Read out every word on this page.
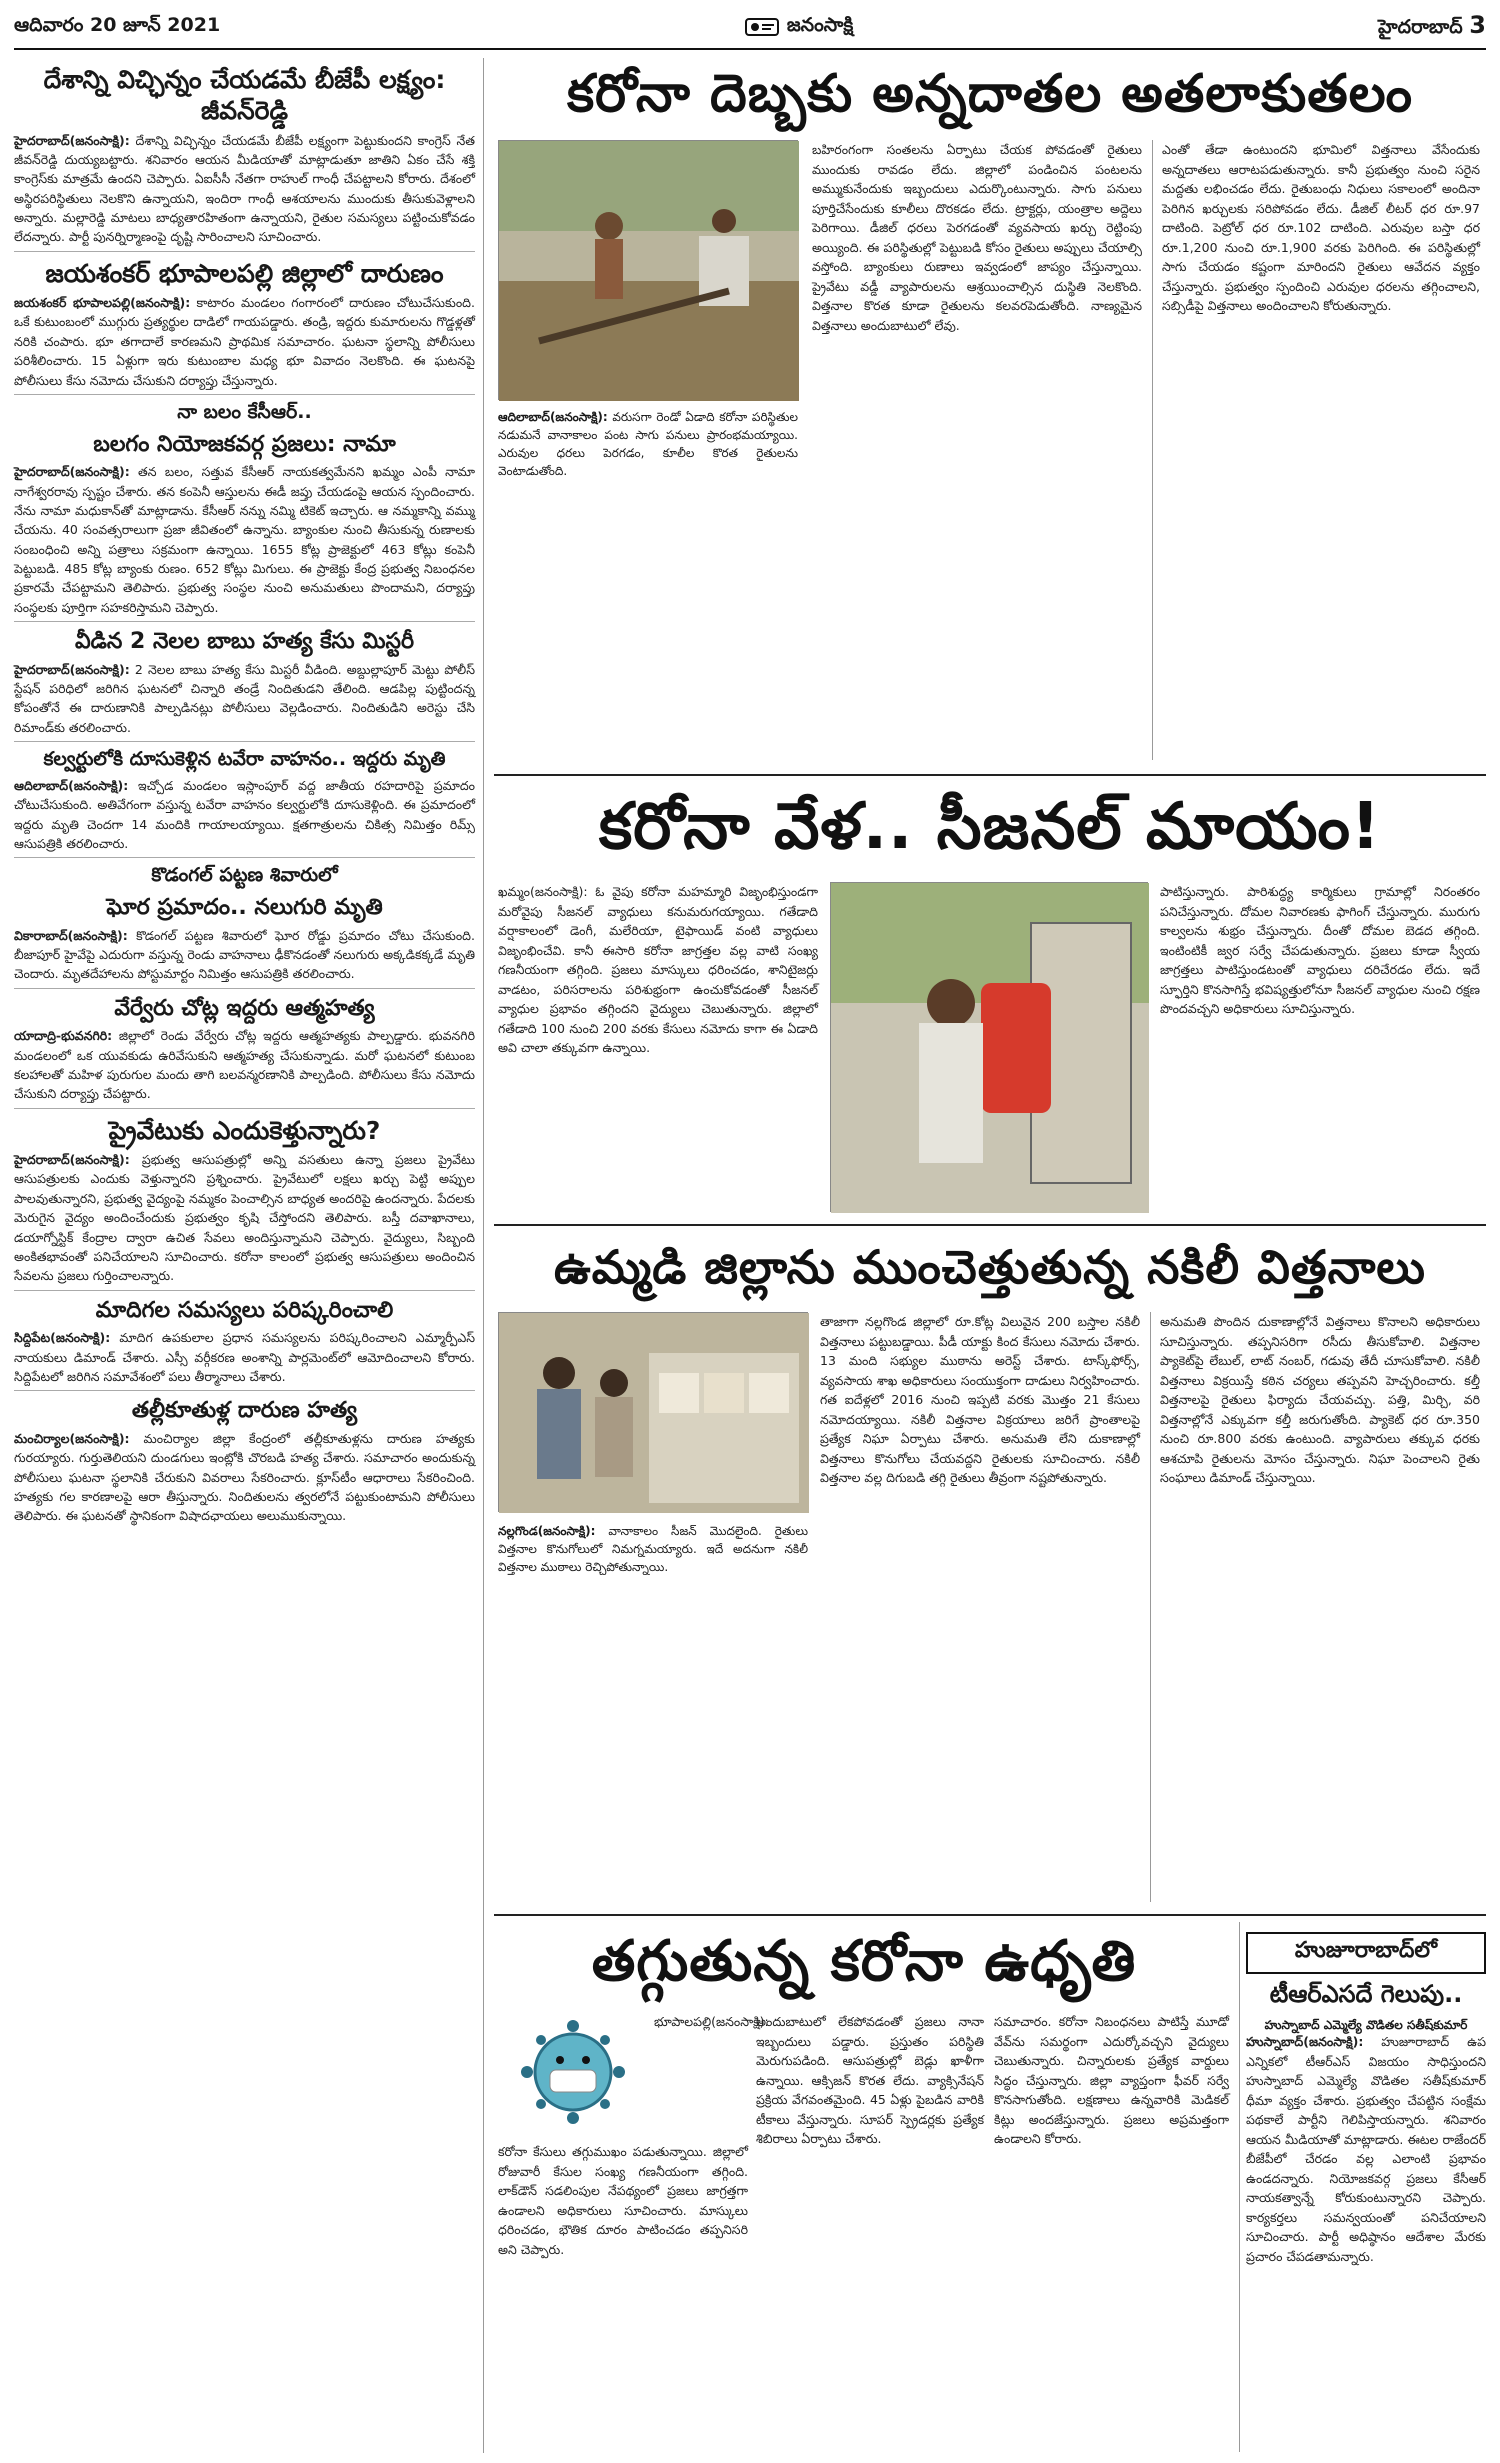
ఆదివారం 20 జూన్ 2021	జనంసాక్షి	హైదరాబాద్ 3
దేశాన్ని విచ్ఛిన్నం చేయడమే బీజేపీ లక్ష్యం: జీవన్‌రెడ్డి

హైదరాబాద్‌(జనంసాక్షి): దేశాన్ని విచ్ఛిన్నం చేయడమే బీజేపీ లక్ష్యంగా పెట్టుకుందని కాంగ్రెస్‌ నేత జీవన్‌రెడ్డి దుయ్యబట్టారు. శనివారం ఆయన మీడియాతో మాట్లాడుతూ జాతిని ఏకం చేసే శక్తి కాంగ్రెస్‌కు మాత్రమే ఉందని చెప్పారు. ఏఐసీసీ నేతగా రాహుల్‌ గాంధీ చేపట్టాలని కోరారు. దేశంలో అస్థిరపరిస్థితులు నెలకొని ఉన్నాయని, ఇందిరా గాంధీ ఆశయాలను ముందుకు తీసుకువెళ్లాలని అన్నారు. మల్లారెడ్డి మాటలు బాధ్యతారహితంగా ఉన్నాయని, రైతుల సమస్యలు పట్టించుకోవడం లేదన్నారు. పార్టీ పునర్నిర్మాణంపై దృష్టి సారించాలని సూచించారు.

జయశంకర్‌ భూపాలపల్లి జిల్లాలో దారుణం

జయశంకర్‌ భూపాలపల్లి(జనంసాక్షి): కాటారం మండలం గంగారంలో దారుణం చోటుచేసుకుంది. ఒకే కుటుంబంలో ముగ్గురు ప్రత్యర్థుల దాడిలో గాయపడ్డారు. తండ్రి, ఇద్దరు కుమారులను గొడ్డళ్లతో నరికి చంపారు. భూ తగాదాలే కారణమని ప్రాథమిక సమాచారం. ఘటనా స్థలాన్ని పోలీసులు పరిశీలించారు. 15 ఏళ్లుగా ఇరు కుటుంబాల మధ్య భూ వివాదం నెలకొంది. ఈ ఘటనపై పోలీసులు కేసు నమోదు చేసుకుని దర్యాప్తు చేస్తున్నారు.

నా బలం కేసీఆర్‌..
బలగం నియోజకవర్గ ప్రజలు: నామా

హైదరాబాద్‌(జనంసాక్షి): తన బలం, సత్తువ కేసీఆర్‌ నాయకత్వమేనని ఖమ్మం ఎంపీ నామా నాగేశ్వరరావు స్పష్టం చేశారు. తన కంపెనీ ఆస్తులను ఈడీ జప్తు చేయడంపై ఆయన స్పందించారు. నేను నామా మధుకాన్‌తో మాట్లాడాను. కేసీఆర్‌ నన్ను నమ్మి టికెట్‌ ఇచ్చారు. ఆ నమ్మకాన్ని వమ్ము చేయను. 40 సంవత్సరాలుగా ప్రజా జీవితంలో ఉన్నాను. బ్యాంకుల నుంచి తీసుకున్న రుణాలకు సంబంధించి అన్ని పత్రాలు సక్రమంగా ఉన్నాయి. 1655 కోట్ల ప్రాజెక్టులో 463 కోట్లు కంపెనీ పెట్టుబడి. 485 కోట్ల బ్యాంకు రుణం. 652 కోట్లు మిగులు. ఈ ప్రాజెక్టు కేంద్ర ప్రభుత్వ నిబంధనల ప్రకారమే చేపట్టామని తెలిపారు. ప్రభుత్వ సంస్థల నుంచి అనుమతులు పొందామని, దర్యాప్తు సంస్థలకు పూర్తిగా సహకరిస్తామని చెప్పారు.

వీడిన 2 నెలల బాబు హత్య కేసు మిస్టరీ

హైదరాబాద్‌(జనంసాక్షి): 2 నెలల బాబు హత్య కేసు మిస్టరీ వీడింది. అబ్దుల్లాపూర్‌ మెట్టు పోలీస్‌ స్టేషన్‌ పరిధిలో జరిగిన ఘటనలో చిన్నారి తండ్రే నిందితుడని తేలింది. ఆడపిల్ల పుట్టిందన్న కోపంతోనే ఈ దారుణానికి పాల్పడినట్లు పోలీసులు వెల్లడించారు. నిందితుడిని అరెస్టు చేసి రిమాండ్‌కు తరలించారు.

కల్వర్టులోకి దూసుకెళ్లిన టవేరా వాహనం.. ఇద్దరు మృతి

ఆదిలాబాద్‌(జనంసాక్షి): ఇచ్చోడ మండలం ఇస్లాంపూర్‌ వద్ద జాతీయ రహదారిపై ప్రమాదం చోటుచేసుకుంది. అతివేగంగా వస్తున్న టవేరా వాహనం కల్వర్టులోకి దూసుకెళ్లింది. ఈ ప్రమాదంలో ఇద్దరు మృతి చెందగా 14 మందికి గాయాలయ్యాయి. క్షతగాత్రులను చికిత్స నిమిత్తం రిమ్స్‌ ఆసుపత్రికి తరలించారు.

కొడంగల్‌ పట్టణ శివారులో
ఘోర ప్రమాదం.. నలుగురి మృతి

వికారాబాద్‌(జనంసాక్షి): కొడంగల్‌ పట్టణ శివారులో ఘోర రోడ్డు ప్రమాదం చోటు చేసుకుంది. బీజాపూర్‌ హైవేపై ఎదురుగా వస్తున్న రెండు వాహనాలు ఢీకొనడంతో నలుగురు అక్కడికక్కడే మృతి చెందారు. మృతదేహాలను పోస్టుమార్టం నిమిత్తం ఆసుపత్రికి తరలించారు.

వేర్వేరు చోట్ల ఇద్దరు ఆత్మహత్య

యాదాద్రి-భువనగిరి: జిల్లాలో రెండు వేర్వేరు చోట్ల ఇద్దరు ఆత్మహత్యకు పాల్పడ్డారు. భువనగిరి మండలంలో ఒక యువకుడు ఉరివేసుకుని ఆత్మహత్య చేసుకున్నాడు. మరో ఘటనలో కుటుంబ కలహాలతో మహిళ పురుగుల మందు తాగి బలవన్మరణానికి పాల్పడింది. పోలీసులు కేసు నమోదు చేసుకుని దర్యాప్తు చేపట్టారు.

ప్రైవేటుకు ఎందుకెళ్తున్నారు?

హైదరాబాద్‌(జనంసాక్షి): ప్రభుత్వ ఆసుపత్రుల్లో అన్ని వసతులు ఉన్నా ప్రజలు ప్రైవేటు ఆసుపత్రులకు ఎందుకు వెళ్తున్నారని ప్రశ్నించారు. ప్రైవేటులో లక్షలు ఖర్చు పెట్టి అప్పుల పాలవుతున్నారని, ప్రభుత్వ వైద్యంపై నమ్మకం పెంచాల్సిన బాధ్యత అందరిపై ఉందన్నారు. పేదలకు మెరుగైన వైద్యం అందించేందుకు ప్రభుత్వం కృషి చేస్తోందని తెలిపారు. బస్తీ దవాఖానాలు, డయాగ్నోస్టిక్‌ కేంద్రాల ద్వారా ఉచిత సేవలు అందిస్తున్నామని చెప్పారు. వైద్యులు, సిబ్బంది అంకితభావంతో పనిచేయాలని సూచించారు. కరోనా కాలంలో ప్రభుత్వ ఆసుపత్రులు అందించిన సేవలను ప్రజలు గుర్తించాలన్నారు.

మాదిగల సమస్యలు పరిష్కరించాలి

సిద్దిపేట(జనంసాక్షి): మాదిగ ఉపకులాల ప్రధాన సమస్యలను పరిష్కరించాలని ఎమ్మార్పీఎస్‌ నాయకులు డిమాండ్‌ చేశారు. ఎస్సీ వర్గీకరణ అంశాన్ని పార్లమెంట్‌లో ఆమోదించాలని కోరారు. సిద్దిపేటలో జరిగిన సమావేశంలో పలు తీర్మానాలు చేశారు.

తల్లీకూతుళ్ల దారుణ హత్య

మంచిర్యాల(జనంసాక్షి): మంచిర్యాల జిల్లా కేంద్రంలో తల్లీకూతుళ్లను దారుణ హత్యకు గురయ్యారు. గుర్తుతెలియని దుండగులు ఇంట్లోకి చొరబడి హత్య చేశారు. సమాచారం అందుకున్న పోలీసులు ఘటనా స్థలానికి చేరుకుని వివరాలు సేకరించారు. క్లూస్‌టీం ఆధారాలు సేకరించింది. హత్యకు గల కారణాలపై ఆరా తీస్తున్నారు. నిందితులను త్వరలోనే పట్టుకుంటామని పోలీసులు తెలిపారు. ఈ ఘటనతో స్థానికంగా విషాదఛాయలు అలుముకున్నాయి.

కరోనా దెబ్బకు అన్నదాతల అతలాకుతలం
ఆదిలాబాద్‌(జనంసాక్షి): వరుసగా రెండో ఏడాది కరోనా పరిస్థితుల నడుమనే వానాకాలం పంట సాగు పనులు ప్రారంభమయ్యాయి. ఎరువుల ధరలు పెరగడం, కూలీల కొరత రైతులను వెంటాడుతోంది.
బహిరంగంగా సంతలను ఏర్పాటు చేయక పోవడంతో రైతులు ముందుకు రావడం లేదు. జిల్లాలో పండించిన పంటలను అమ్ముకునేందుకు ఇబ్బందులు ఎదుర్కొంటున్నారు. సాగు పనులు పూర్తిచేసేందుకు కూలీలు దొరకడం లేదు. ట్రాక్టర్లు, యంత్రాల అద్దెలు పెరిగాయి. డీజిల్‌ ధరలు పెరగడంతో వ్యవసాయ ఖర్చు రెట్టింపు అయ్యింది. ఈ పరిస్థితుల్లో పెట్టుబడి కోసం రైతులు అప్పులు చేయాల్సి వస్తోంది. బ్యాంకులు రుణాలు ఇవ్వడంలో జాప్యం చేస్తున్నాయి. ప్రైవేటు వడ్డీ వ్యాపారులను ఆశ్రయించాల్సిన దుస్థితి నెలకొంది. విత్తనాల కొరత కూడా రైతులను కలవరపెడుతోంది. నాణ్యమైన విత్తనాలు అందుబాటులో లేవు.
ఎంతో తేడా ఉంటుందని భూమిలో విత్తనాలు వేసేందుకు అన్నదాతలు ఆరాటపడుతున్నారు. కానీ ప్రభుత్వం నుంచి సరైన మద్దతు లభించడం లేదు. రైతుబంధు నిధులు సకాలంలో అందినా పెరిగిన ఖర్చులకు సరిపోవడం లేదు. డీజిల్‌ లీటర్‌ ధర రూ.97 దాటింది. పెట్రోల్‌ ధర రూ.102 దాటింది. ఎరువుల బస్తా ధర రూ.1,200 నుంచి రూ.1,900 వరకు పెరిగింది. ఈ పరిస్థితుల్లో సాగు చేయడం కష్టంగా మారిందని రైతులు ఆవేదన వ్యక్తం చేస్తున్నారు. ప్రభుత్వం స్పందించి ఎరువుల ధరలను తగ్గించాలని, సబ్సిడీపై విత్తనాలు అందించాలని కోరుతున్నారు.
కరోనా వేళ.. సీజనల్‌ మాయం!
ఖమ్మం(జనంసాక్షి): ఓ వైపు కరోనా మహమ్మారి విజృంభిస్తుండగా మరోవైపు సీజనల్‌ వ్యాధులు కనుమరుగయ్యాయి. గతేడాది వర్షాకాలంలో డెంగీ, మలేరియా, టైఫాయిడ్‌ వంటి వ్యాధులు విజృంభించేవి. కానీ ఈసారి కరోనా జాగ్రత్తల వల్ల వాటి సంఖ్య గణనీయంగా తగ్గింది. ప్రజలు మాస్కులు ధరించడం, శానిటైజర్లు వాడటం, పరిసరాలను పరిశుభ్రంగా ఉంచుకోవడంతో సీజనల్‌ వ్యాధుల ప్రభావం తగ్గిందని వైద్యులు చెబుతున్నారు. జిల్లాలో గతేడాది 100 నుంచి 200 వరకు కేసులు నమోదు కాగా ఈ ఏడాది అవి చాలా తక్కువగా ఉన్నాయి.
పాటిస్తున్నారు. పారిశుద్ధ్య కార్మికులు గ్రామాల్లో నిరంతరం పనిచేస్తున్నారు. దోమల నివారణకు ఫాగింగ్‌ చేస్తున్నారు. మురుగు కాల్వలను శుభ్రం చేస్తున్నారు. దీంతో దోమల బెడద తగ్గింది. ఇంటింటికీ జ్వర సర్వే చేపడుతున్నారు. ప్రజలు కూడా స్వీయ జాగ్రత్తలు పాటిస్తుండటంతో వ్యాధులు దరిచేరడం లేదు. ఇదే స్ఫూర్తిని కొనసాగిస్తే భవిష్యత్తులోనూ సీజనల్‌ వ్యాధుల నుంచి రక్షణ పొందవచ్చని అధికారులు సూచిస్తున్నారు.
ఉమ్మడి జిల్లాను ముంచెత్తుతున్న నకిలీ విత్తనాలు
నల్లగొండ(జనంసాక్షి): వానాకాలం సీజన్‌ మొదలైంది. రైతులు విత్తనాల కొనుగోలులో నిమగ్నమయ్యారు. ఇదే అదనుగా నకిలీ విత్తనాల ముఠాలు రెచ్చిపోతున్నాయి.
తాజాగా నల్లగొండ జిల్లాలో రూ.కోట్ల విలువైన 200 బస్తాల నకిలీ విత్తనాలు పట్టుబడ్డాయి. పీడీ యాక్టు కింద కేసులు నమోదు చేశారు. 13 మంది సభ్యుల ముఠాను అరెస్ట్‌ చేశారు. టాస్క్‌ఫోర్స్‌, వ్యవసాయ శాఖ అధికారులు సంయుక్తంగా దాడులు నిర్వహించారు. గత ఐదేళ్లలో 2016 నుంచి ఇప్పటి వరకు మొత్తం 21 కేసులు నమోదయ్యాయి. నకిలీ విత్తనాల విక్రయాలు జరిగే ప్రాంతాలపై ప్రత్యేక నిఘా ఏర్పాటు చేశారు. అనుమతి లేని దుకాణాల్లో విత్తనాలు కొనుగోలు చేయవద్దని రైతులకు సూచించారు. నకిలీ విత్తనాల వల్ల దిగుబడి తగ్గి రైతులు తీవ్రంగా నష్టపోతున్నారు.
అనుమతి పొందిన దుకాణాల్లోనే విత్తనాలు కొనాలని అధికారులు సూచిస్తున్నారు. తప్పనిసరిగా రసీదు తీసుకోవాలి. విత్తనాల ప్యాకెట్‌పై లేబుల్‌, లాట్‌ నంబర్‌, గడువు తేదీ చూసుకోవాలి. నకిలీ విత్తనాలు విక్రయిస్తే కఠిన చర్యలు తప్పవని హెచ్చరించారు. కల్తీ విత్తనాలపై రైతులు ఫిర్యాదు చేయవచ్చు. పత్తి, మిర్చి, వరి విత్తనాల్లోనే ఎక్కువగా కల్తీ జరుగుతోంది. ప్యాకెట్‌ ధర రూ.350 నుంచి రూ.800 వరకు ఉంటుంది. వ్యాపారులు తక్కువ ధరకు ఆశచూపి రైతులను మోసం చేస్తున్నారు. నిఘా పెంచాలని రైతు సంఘాలు డిమాండ్‌ చేస్తున్నాయి.
తగ్గుతున్న కరోనా ఉధృతి
భూపాలపల్లి(జనంసాక్షి):
కరోనా కేసులు తగ్గుముఖం పడుతున్నాయి. జిల్లాలో రోజువారీ కేసుల సంఖ్య గణనీయంగా తగ్గింది. లాక్‌డౌన్‌ సడలింపుల నేపథ్యంలో ప్రజలు జాగ్రత్తగా ఉండాలని అధికారులు సూచించారు. మాస్కులు ధరించడం, భౌతిక దూరం పాటించడం తప్పనిసరి అని చెప్పారు.
అందుబాటులో లేకపోవడంతో ప్రజలు నానా ఇబ్బందులు పడ్డారు. ప్రస్తుతం పరిస్థితి మెరుగుపడింది. ఆసుపత్రుల్లో బెడ్లు ఖాళీగా ఉన్నాయి. ఆక్సిజన్‌ కొరత లేదు. వ్యాక్సినేషన్‌ ప్రక్రియ వేగవంతమైంది. 45 ఏళ్లు పైబడిన వారికి టీకాలు వేస్తున్నారు. సూపర్‌ స్ప్రెడర్లకు ప్రత్యేక శిబిరాలు ఏర్పాటు చేశారు.
సమాచారం. కరోనా నిబంధనలు పాటిస్తే మూడో వేవ్‌ను సమర్థంగా ఎదుర్కోవచ్చని వైద్యులు చెబుతున్నారు. చిన్నారులకు ప్రత్యేక వార్డులు సిద్ధం చేస్తున్నారు. జిల్లా వ్యాప్తంగా ఫీవర్‌ సర్వే కొనసాగుతోంది. లక్షణాలు ఉన్నవారికి మెడికల్‌ కిట్లు అందజేస్తున్నారు. ప్రజలు అప్రమత్తంగా ఉండాలని కోరారు.
హుజూరాబాద్‌లో
టీఆర్‌ఎసదే గెలుపు..
హుస్నాబాద్‌ ఎమ్మెల్యే వొడితల సతీష్‌కుమార్‌
హుస్నాబాద్‌(జనంసాక్షి): హుజూరాబాద్‌ ఉప ఎన్నికలో టీఆర్‌ఎస్‌ విజయం సాధిస్తుందని హుస్నాబాద్‌ ఎమ్మెల్యే వొడితల సతీష్‌కుమార్‌ ధీమా వ్యక్తం చేశారు. ప్రభుత్వం చేపట్టిన సంక్షేమ పథకాలే పార్టీని గెలిపిస్తాయన్నారు. శనివారం ఆయన మీడియాతో మాట్లాడారు. ఈటల రాజేందర్‌ బీజేపీలో చేరడం వల్ల ఎలాంటి ప్రభావం ఉండదన్నారు. నియోజకవర్గ ప్రజలు కేసీఆర్‌ నాయకత్వాన్నే కోరుకుంటున్నారని చెప్పారు. కార్యకర్తలు సమన్వయంతో పనిచేయాలని సూచించారు. పార్టీ అధిష్ఠానం ఆదేశాల మేరకు ప్రచారం చేపడతామన్నారు.
